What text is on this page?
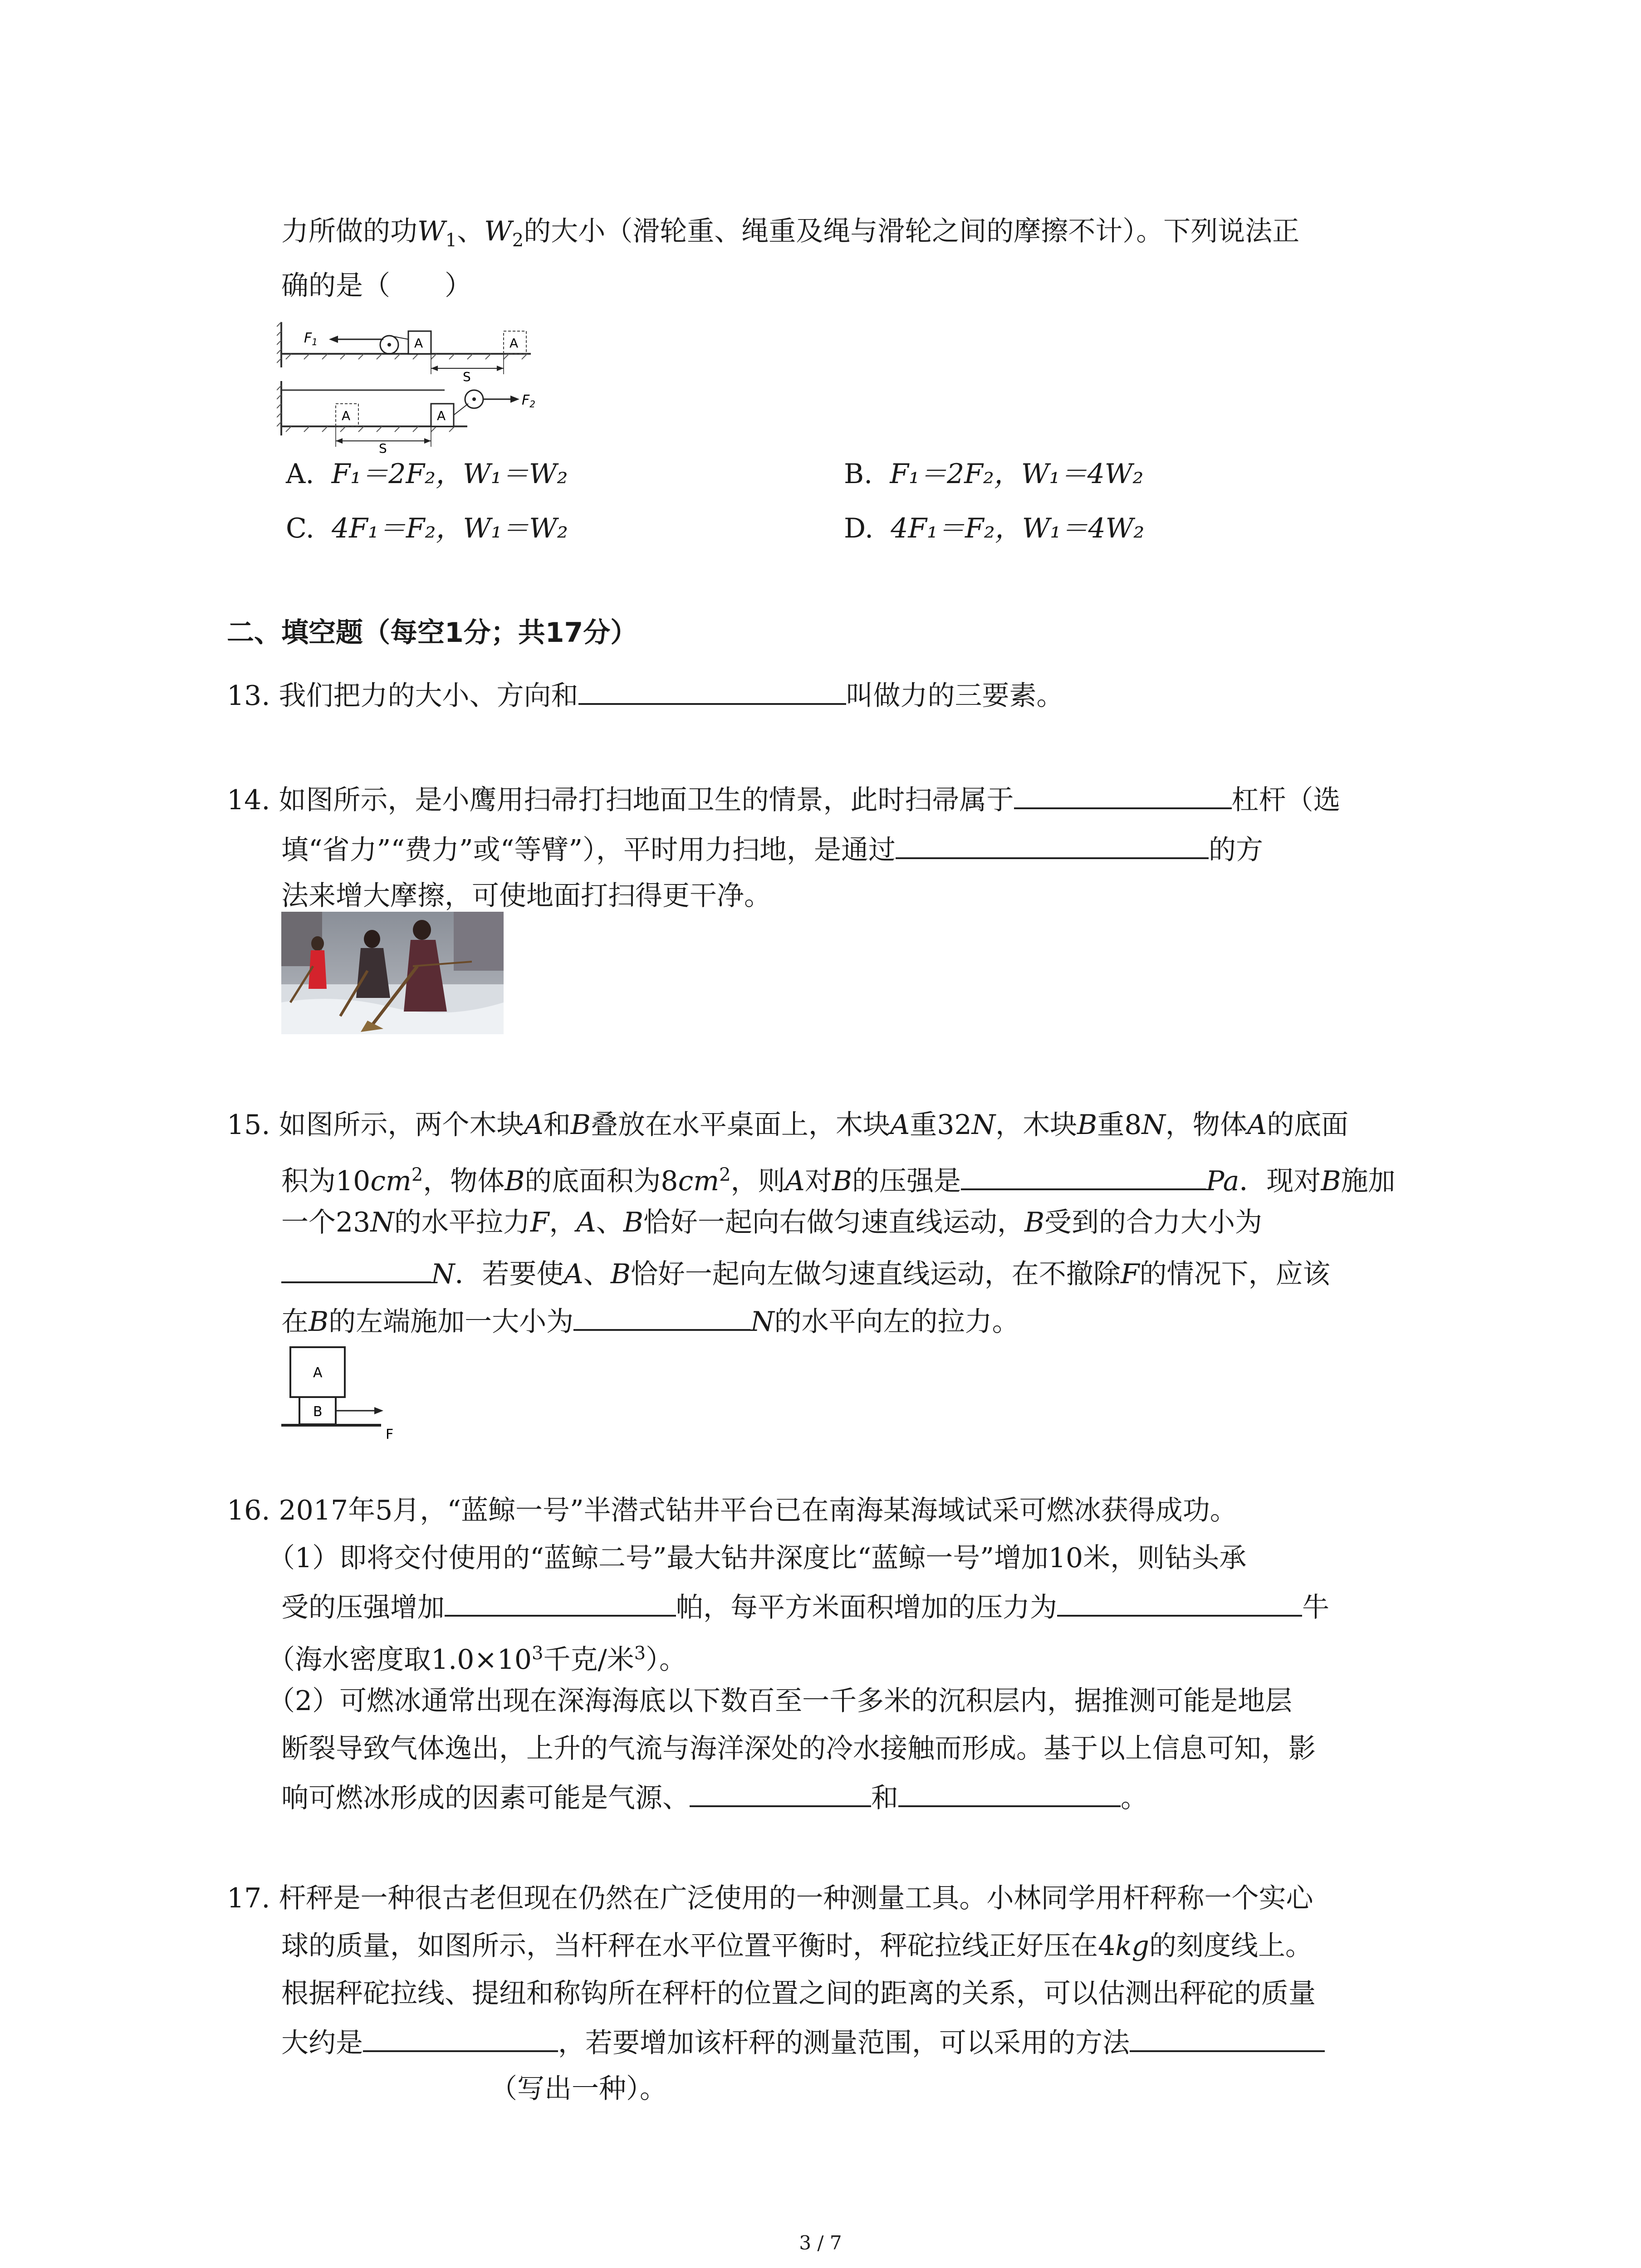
力所做的功$W_1$、$W_2$的大小（滑轮重、绳重及绳与滑轮之间的摩擦不计）。下列说法正
确的是（　　）
$F_1$	A	A
S
A	A
$F_2$
S
A. F₁＝2F₂，W₁＝W₂	B. F₁＝2F₂，W₁＝4W₂
C. 4F₁＝F₂，W₁＝W₂	D. 4F₁＝F₂，W₁＝4W₂
二、填空题（每空1分；共17分）
13. 我们把力的大小、方向和	叫做力的三要素。
14. 如图所示，是小鹰用扫帚打扫地面卫生的情景，此时扫帚属于	杠杆（选
填“省力”“费力”或“等臂”），平时用力扫地，是通过	的方
法来增大摩擦，可使地面打扫得更干净。
15. 如图所示，两个木块A和B叠放在水平桌面上，木块A重32N，木块B重8N，物体A的底面
积为$10cm^2$，物体B的底面积为$8cm^2$，则A对B的压强是	Pa．现对B施加
一个23N的水平拉力F，A、B恰好一起向右做匀速直线运动，B受到的合力大小为
N．若要使A、B恰好一起向左做匀速直线运动，在不撤除F的情况下，应该
在B的左端施加一大小为	N的水平向左的拉力。
A
B
F
16. 2017年5月，“蓝鲸一号”半潜式钻井平台已在南海某海域试采可燃冰获得成功。
（1）即将交付使用的“蓝鲸二号”最大钻井深度比“蓝鲸一号”增加10米，则钻头承
受的压强增加	帕，每平方米面积增加的压力为	牛
（海水密度取$1.0\times 10^3$千克/米$^3$）。
（2）可燃冰通常出现在深海海底以下数百至一千多米的沉积层内，据推测可能是地层
断裂导致气体逸出，上升的气流与海洋深处的冷水接触而形成。基于以上信息可知，影
响可燃冰形成的因素可能是气源、	和	。
17. 杆秤是一种很古老但现在仍然在广泛使用的一种测量工具。小林同学用杆秤称一个实心
球的质量，如图所示，当杆秤在水平位置平衡时，秤砣拉线正好压在4kg的刻度线上。
根据秤砣拉线、提纽和称钩所在秤杆的位置之间的距离的关系，可以估测出秤砣的质量
大约是	，若要增加该杆秤的测量范围，可以采用的方法
（写出一种）。
3 / 7
